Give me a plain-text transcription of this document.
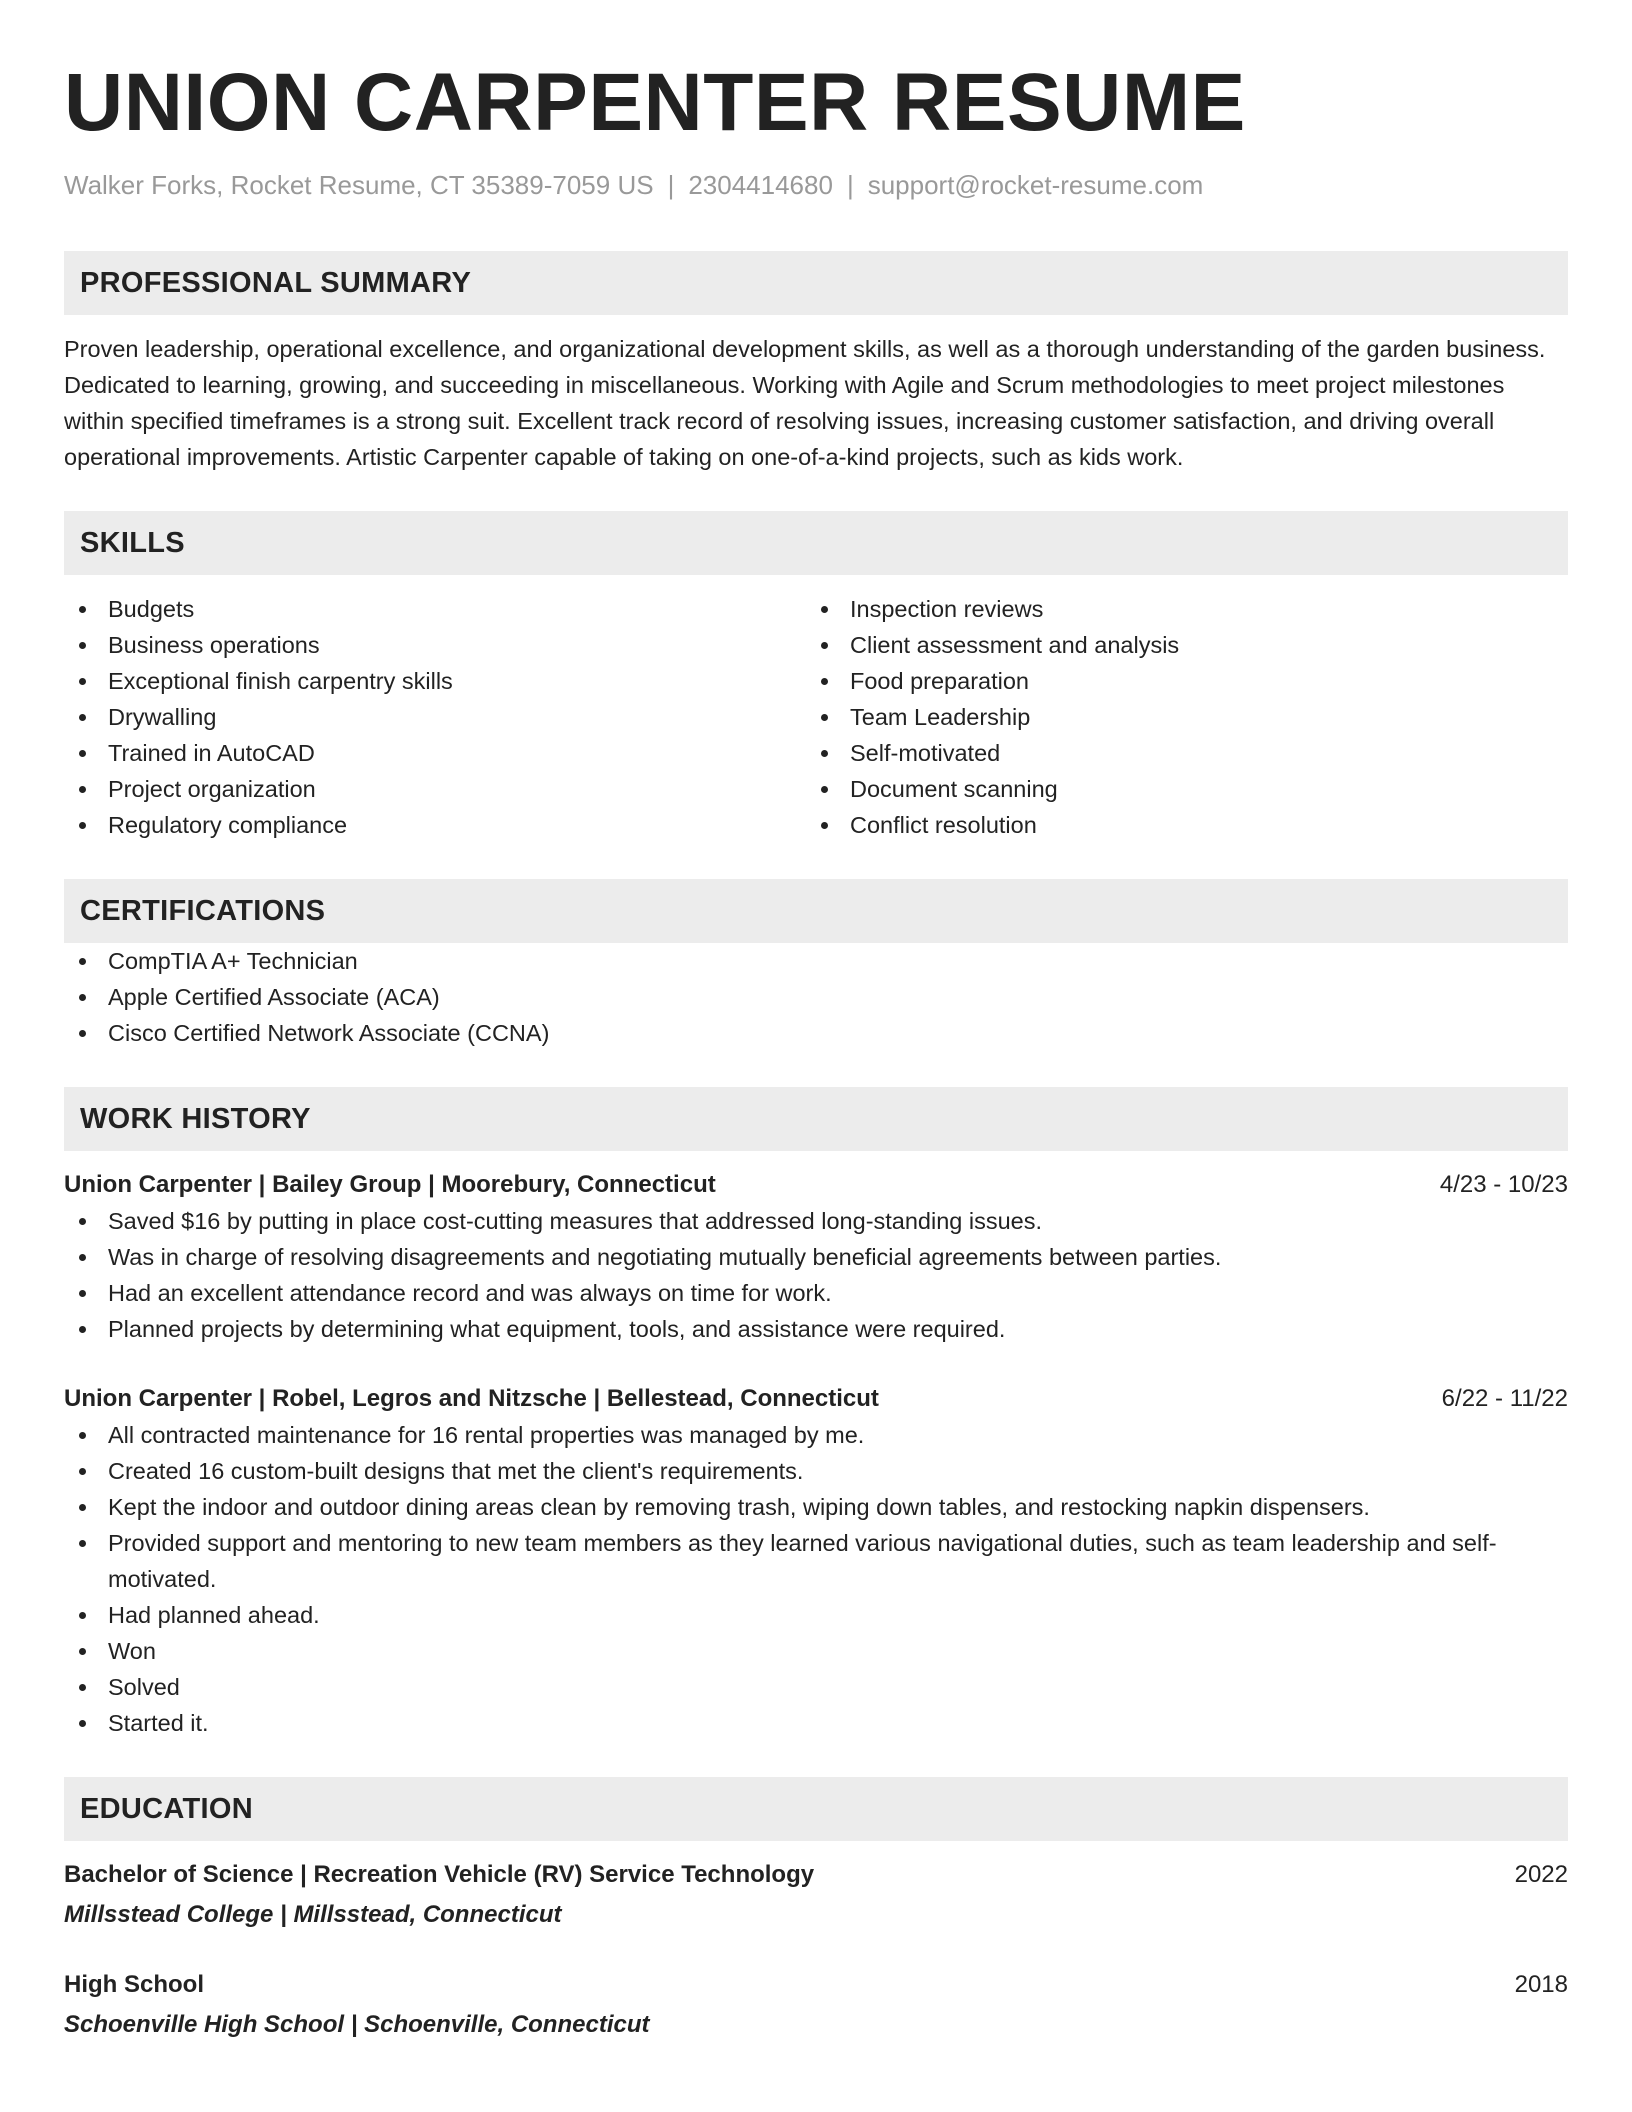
UNION CARPENTER RESUME
Walker Forks, Rocket Resume, CT 35389-7059 US | 2304414680 | support@rocket-resume.com
PROFESSIONAL SUMMARY
Proven leadership, operational excellence, and organizational development skills, as well as a thorough understanding of the garden business. Dedicated to learning, growing, and succeeding in miscellaneous. Working with Agile and Scrum methodologies to meet project milestones within specified timeframes is a strong suit. Excellent track record of resolving issues, increasing customer satisfaction, and driving overall operational improvements. Artistic Carpenter capable of taking on one-of-a-kind projects, such as kids work.
SKILLS
Budgets
Business operations
Exceptional finish carpentry skills
Drywalling
Trained in AutoCAD
Project organization
Regulatory compliance
Inspection reviews
Client assessment and analysis
Food preparation
Team Leadership
Self-motivated
Document scanning
Conflict resolution
CERTIFICATIONS
CompTIA A+ Technician
Apple Certified Associate (ACA)
Cisco Certified Network Associate (CCNA)
WORK HISTORY
Union Carpenter | Bailey Group | Moorebury, Connecticut	4/23 - 10/23
Saved $16 by putting in place cost-cutting measures that addressed long-standing issues.
Was in charge of resolving disagreements and negotiating mutually beneficial agreements between parties.
Had an excellent attendance record and was always on time for work.
Planned projects by determining what equipment, tools, and assistance were required.
Union Carpenter | Robel, Legros and Nitzsche | Bellestead, Connecticut	6/22 - 11/22
All contracted maintenance for 16 rental properties was managed by me.
Created 16 custom-built designs that met the client's requirements.
Kept the indoor and outdoor dining areas clean by removing trash, wiping down tables, and restocking napkin dispensers.
Provided support and mentoring to new team members as they learned various navigational duties, such as team leadership and self-motivated.
Had planned ahead.
Won
Solved
Started it.
EDUCATION
Bachelor of Science | Recreation Vehicle (RV) Service Technology	2022
Millsstead College | Millsstead, Connecticut
High School	2018
Schoenville High School | Schoenville, Connecticut
